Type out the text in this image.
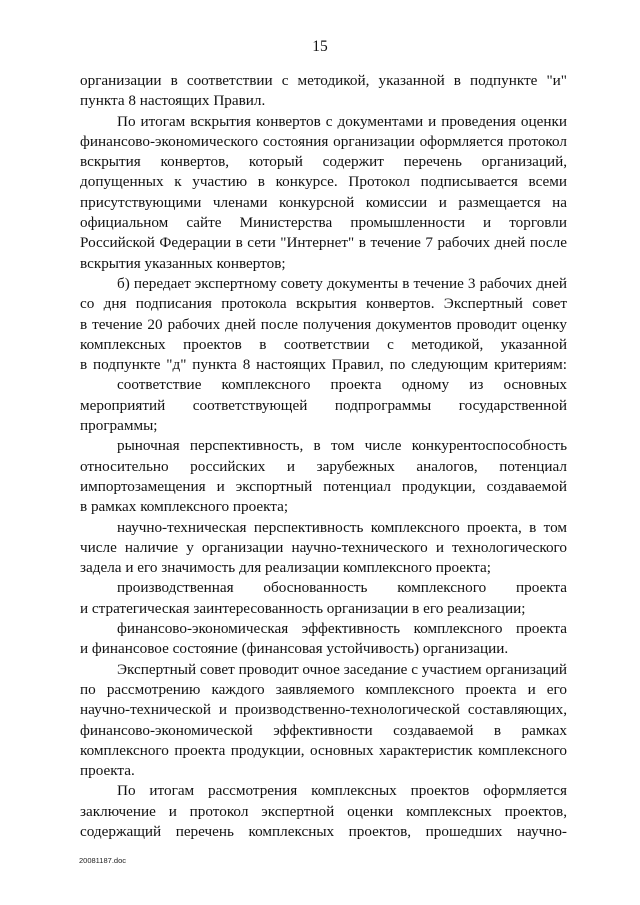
15
организации в соответствии с методикой, указанной в подпункте "и"
пункта 8 настоящих Правил.
По итогам вскрытия конвертов с документами и проведения оценки
финансово-экономического состояния организации оформляется протокол
вскрытия конвертов, который содержит перечень организаций,
допущенных к участию в конкурсе. Протокол подписывается всеми
присутствующими членами конкурсной комиссии и размещается на
официальном сайте Министерства промышленности и торговли
Российской Федерации в сети "Интернет" в течение 7 рабочих дней после
вскрытия указанных конвертов;
б) передает экспертному совету документы в течение 3 рабочих дней
со дня подписания протокола вскрытия конвертов. Экспертный совет
в течение 20 рабочих дней после получения документов проводит оценку
комплексных проектов в соответствии с методикой, указанной
в подпункте "д" пункта 8 настоящих Правил, по следующим критериям:
соответствие комплексного проекта одному из основных
мероприятий соответствующей подпрограммы государственной
программы;
рыночная перспективность, в том числе конкурентоспособность
относительно российских и зарубежных аналогов, потенциал
импортозамещения и экспортный потенциал продукции, создаваемой
в рамках комплексного проекта;
научно-техническая перспективность комплексного проекта, в том
числе наличие у организации научно-технического и технологического
задела и его значимость для реализации комплексного проекта;
производственная обоснованность комплексного проекта
и стратегическая заинтересованность организации в его реализации;
финансово-экономическая эффективность комплексного проекта
и финансовое состояние (финансовая устойчивость) организации.
Экспертный совет проводит очное заседание с участием организаций
по рассмотрению каждого заявляемого комплексного проекта и его
научно-технической и производственно-технологической составляющих,
финансово-экономической эффективности создаваемой в рамках
комплексного проекта продукции, основных характеристик комплексного
проекта.
По итогам рассмотрения комплексных проектов оформляется
заключение и протокол экспертной оценки комплексных проектов,
содержащий перечень комплексных проектов, прошедших научно-
20081187.doc
